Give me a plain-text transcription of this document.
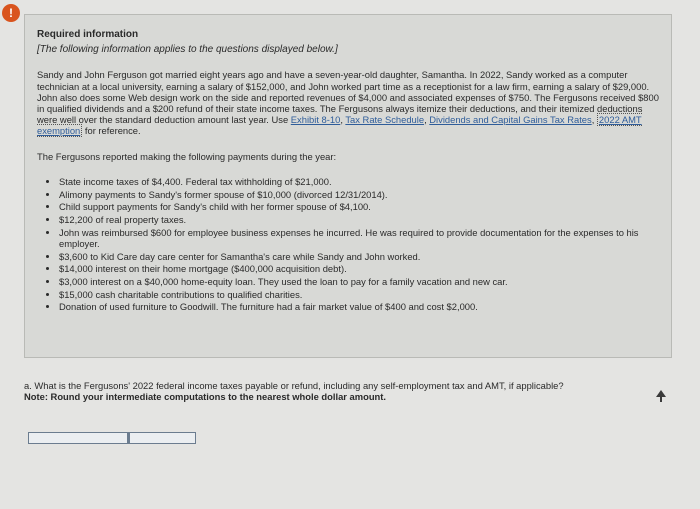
!

Required information

[The following information applies to the questions displayed below.]

Sandy and John Ferguson got married eight years ago and have a seven-year-old daughter, Samantha. In 2022, Sandy worked as a computer technician at a local university, earning a salary of $152,000, and John worked part time as a receptionist for a law firm, earning a salary of $29,000. John also does some Web design work on the side and reported revenues of $4,000 and associated expenses of $750. The Fergusons received $800 in qualified dividends and a $200 refund of their state income taxes. The Fergusons always itemize their deductions, and their itemized deductions were well over the standard deduction amount last year. Use Exhibit 8-10, Tax Rate Schedule, Dividends and Capital Gains Tax Rates, 2022 AMT exemption for reference.

The Fergusons reported making the following payments during the year:

• State income taxes of $4,400. Federal tax withholding of $21,000.
• Alimony payments to Sandy's former spouse of $10,000 (divorced 12/31/2014).
• Child support payments for Sandy's child with her former spouse of $4,100.
• $12,200 of real property taxes.
• John was reimbursed $600 for employee business expenses he incurred. He was required to provide documentation for the expenses to his employer.
• $3,600 to Kid Care day care center for Samantha's care while Sandy and John worked.
• $14,000 interest on their home mortgage ($400,000 acquisition debt).
• $3,000 interest on a $40,000 home-equity loan. They used the loan to pay for a family vacation and new car.
• $15,000 cash charitable contributions to qualified charities.
• Donation of used furniture to Goodwill. The furniture had a fair market value of $400 and cost $2,000.

a. What is the Fergusons' 2022 federal income taxes payable or refund, including any self-employment tax and AMT, if applicable?

Note: Round your intermediate computations to the nearest whole dollar amount.
